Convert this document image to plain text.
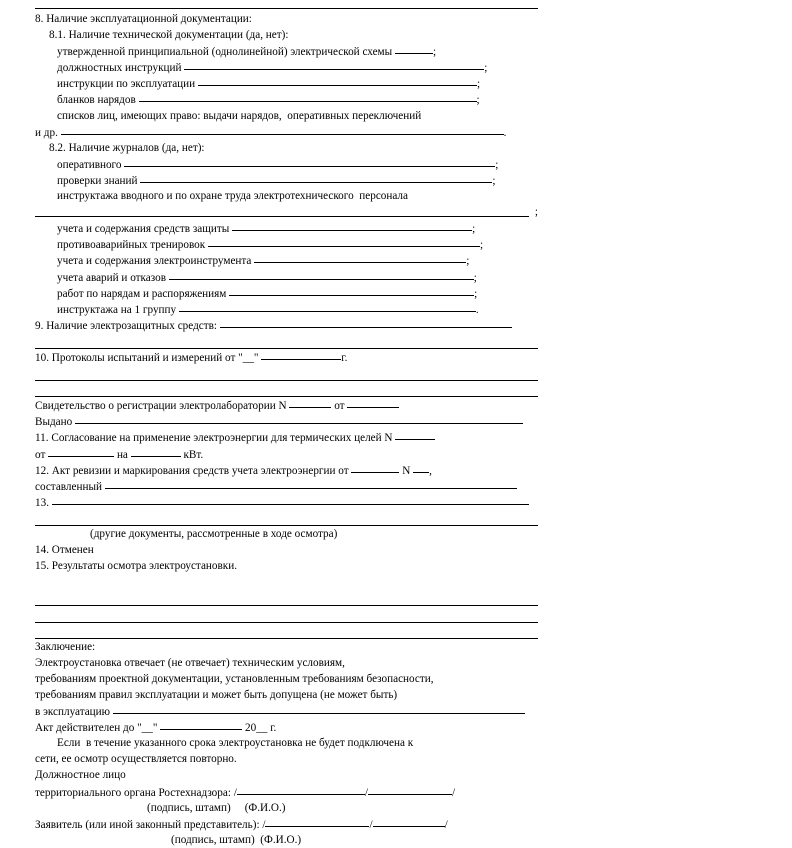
8. Наличие эксплуатационной документации:
8.1. Наличие технической документации (да, нет):
утвержденной принципиальной (однолинейной) электрической схемы	;
должностных инструкций	;
инструкции по эксплуатации	;
бланков нарядов	;
списков лиц, имеющих право: выдачи нарядов,  оперативных переключений
и др.	.
8.2. Наличие журналов (да, нет):
оперативного	;
проверки знаний	;
инструктажа вводного и по охране труда электротехнического  персонала
;
учета и содержания средств защиты	;
противоаварийных тренировок	;
учета и содержания электроинструмента	;
учета аварий и отказов	;
работ по нарядам и распоряжениям	;
инструктажа на 1 группу	.
9. Наличие электрозащитных средств:
10. Протоколы испытаний и измерений от "__"	г.
Свидетельство о регистрации электролаборатории N	от
Выдано
11. Согласование на применение электроэнергии для термических целей N
от	на	кВт.
12. Акт ревизии и маркирования средств учета электроэнергии от	N ,
составленный
13.
(другие документы, рассмотренные в ходе осмотра)
14. Отменен
15. Результаты осмотра электроустановки.
Заключение:
Электроустановка отвечает (не отвечает) техническим условиям,
требованиям проектной документации, установленным требованиям безопасности,
требованиям правил эксплуатации и может быть допущена (не может быть)
в эксплуатацию
Акт действителен до "__"	20__ г.
Если  в течение указанного срока электроустановка не будет подключена к
сети, ее осмотр осуществляется повторно.
Должностное лицо
территориального органа Ростехнадзора: /	/	/
(подпись, штамп)     (Ф.И.О.)
Заявитель (или иной законный представитель): /	/	/
(подпись, штамп)  (Ф.И.О.)
